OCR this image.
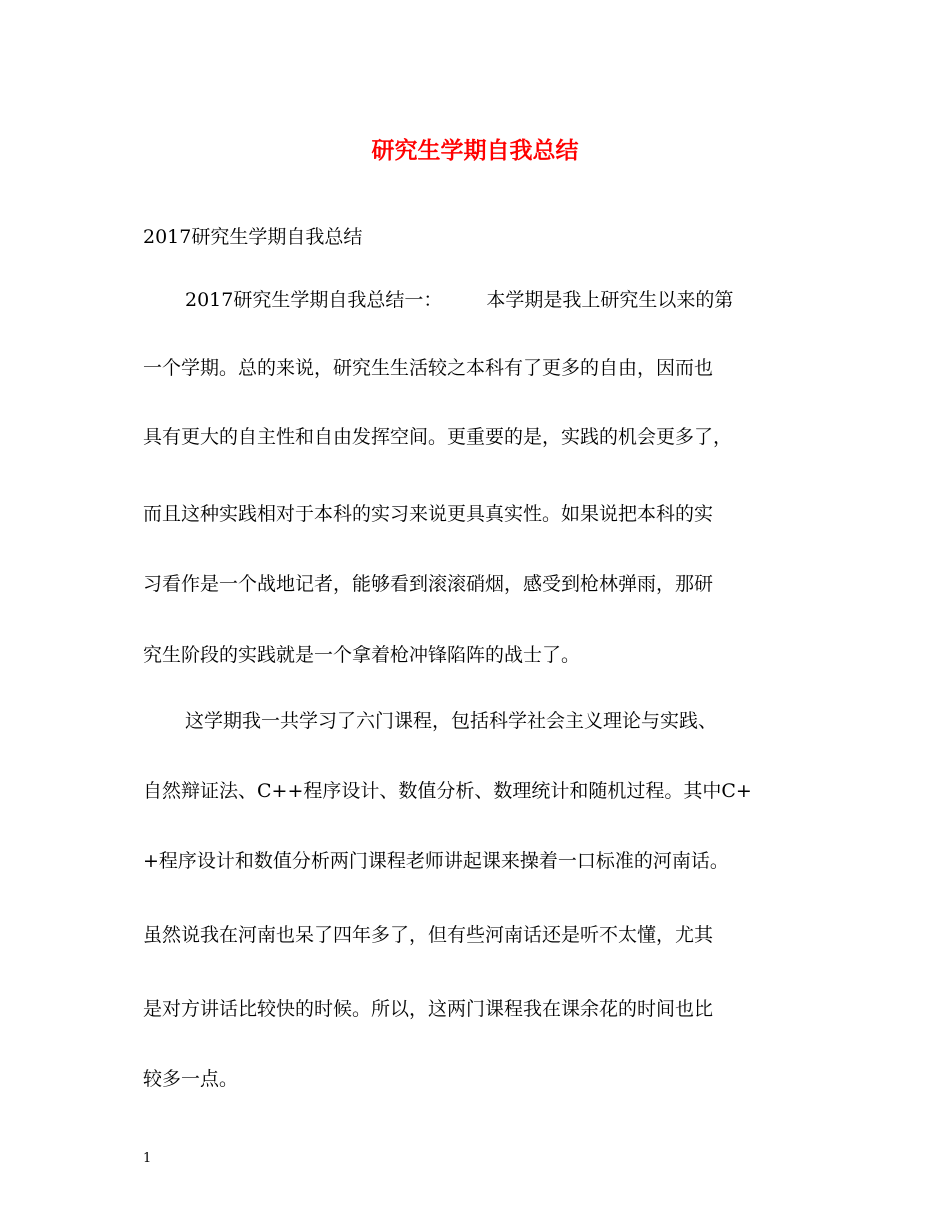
研究生学期自我总结

2017研究生学期自我总结

2017研究生学期自我总结一： 本学期是我上研究生以来的第

一个学期。总的来说，研究生生活较之本科有了更多的自由，因而也

具有更大的自主性和自由发挥空间。更重要的是，实践的机会更多了，

而且这种实践相对于本科的实习来说更具真实性。如果说把本科的实

习看作是一个战地记者，能够看到滚滚硝烟，感受到枪林弹雨，那研

究生阶段的实践就是一个拿着枪冲锋陷阵的战士了。

这学期我一共学习了六门课程，包括科学社会主义理论与实践、

自然辩证法、C++程序设计、数值分析、数理统计和随机过程。其中C+

+程序设计和数值分析两门课程老师讲起课来操着一口标准的河南话。

虽然说我在河南也呆了四年多了，但有些河南话还是听不太懂，尤其

是对方讲话比较快的时候。所以，这两门课程我在课余花的时间也比

较多一点。

1
